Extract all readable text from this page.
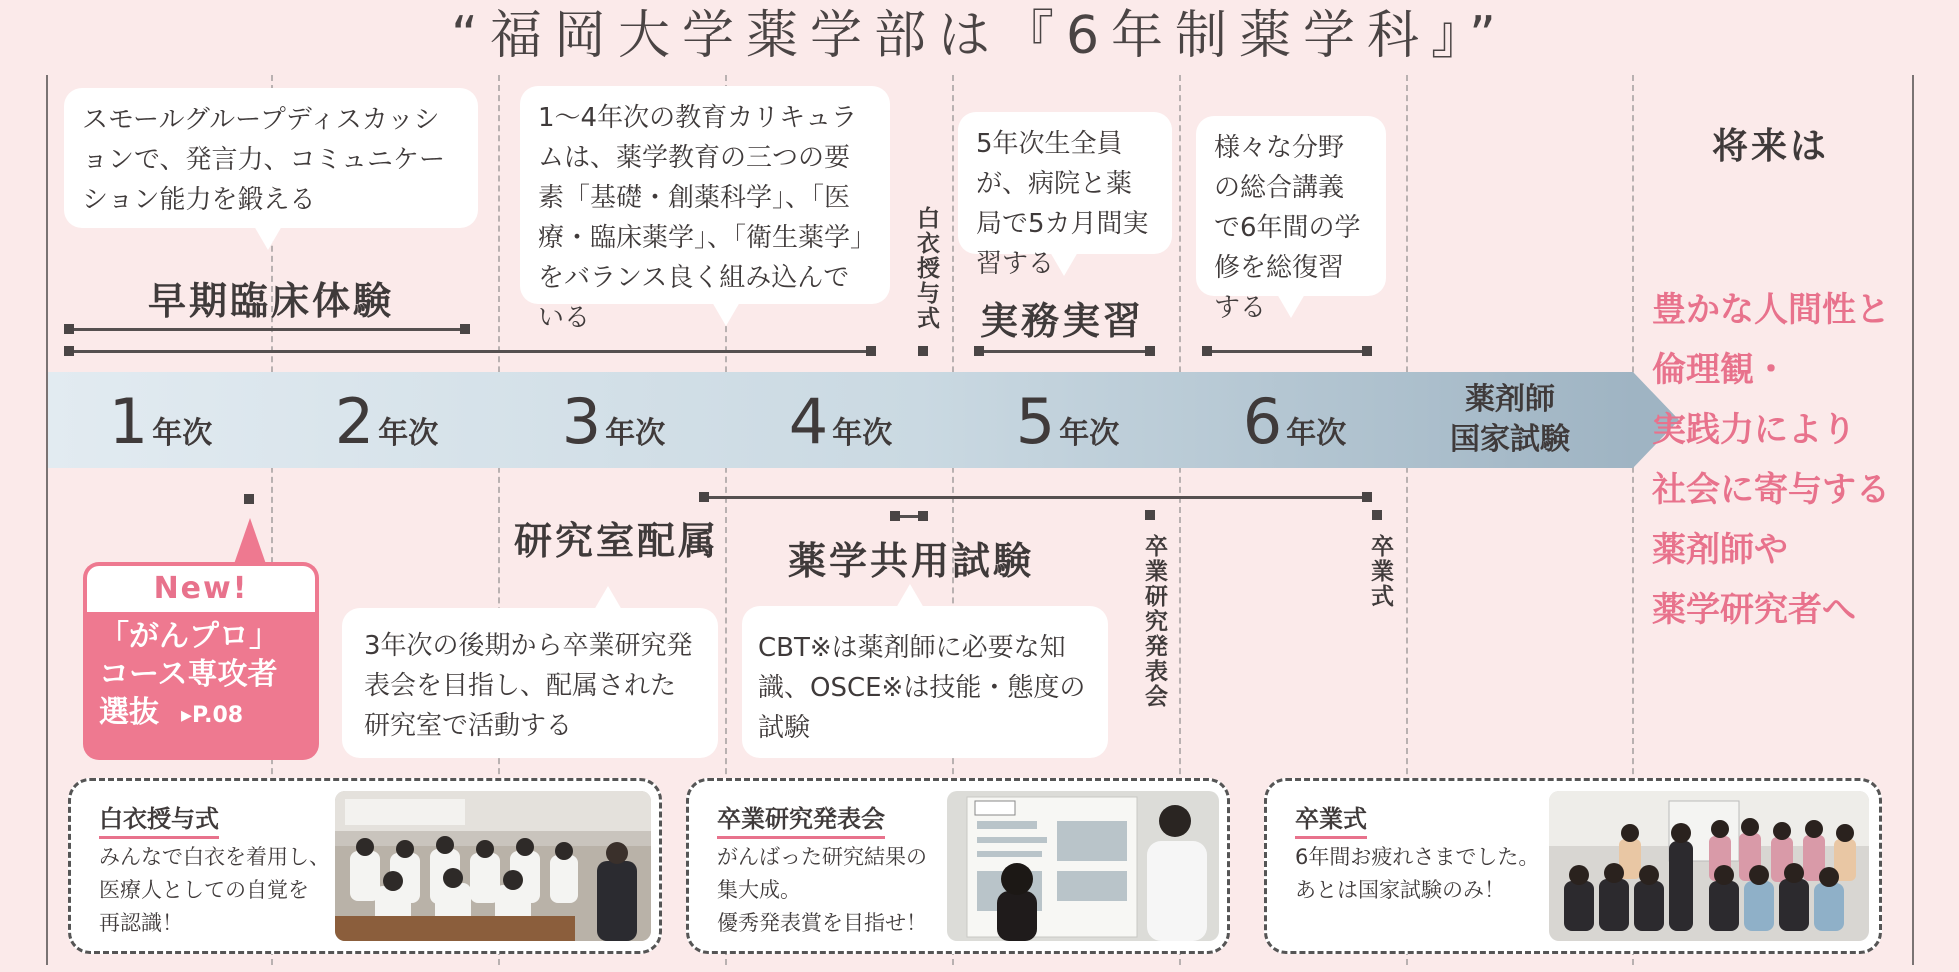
“福岡大学薬学部は『6年制薬学科』”
スモールグループディスカッションで、発言力、コミュニケーション能力を鍛える
1〜4年次の教育カリキュラムは、薬学教育の三つの要素「基礎・創薬科学」、「医療・臨床薬学」、「衛生薬学」をバランス良く組み込んでいる
5年次生全員が、病院と薬局で5カ月間実習する
様々な分野の総合講義で6年間の学修を総復習する
早期臨床体験	白衣授与式 実務実習
1 年次	2 年次	3 年次	4 年次	5 年次	6 年次
薬剤師
国家試験
将来は
豊かな人間性と
倫理観・
実践力により
社会に寄与する
薬剤師や
薬学研究者へ
New!
「がんプロ」
コース専攻者
選抜 ▸P.08
研究室配属 薬学共用試験	卒業研究発表会	卒業式
3年次の後期から卒業研究発表会を目指し、配属された研究室で活動する
CBT※は薬剤師に必要な知識、OSCE※は技能・態度の試験
白衣授与式
みんなで白衣を着用し、
医療人としての自覚を
再認識！
卒業研究発表会
がんばった研究結果の
集大成。
優秀発表賞を目指せ！
卒業式
6年間お疲れさまでした。
あとは国家試験のみ！
